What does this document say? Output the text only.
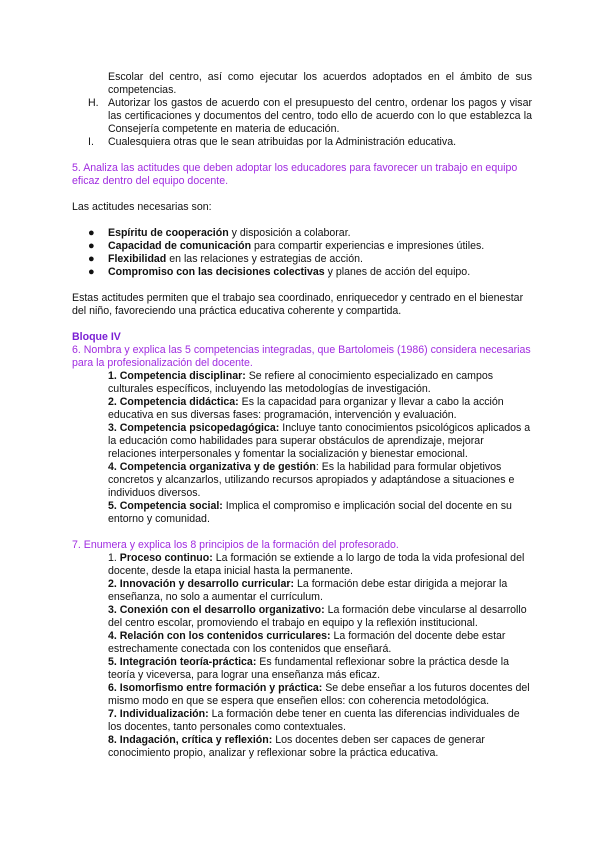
Escolar del centro, así como ejecutar los acuerdos adoptados en el ámbito de sus competencias.

H. Autorizar los gastos de acuerdo con el presupuesto del centro, ordenar los pagos y visar las certificaciones y documentos del centro, todo ello de acuerdo con lo que establezca la Consejería competente en materia de educación.
I. Cualesquiera otras que le sean atribuidas por la Administración educativa.

5. Analiza las actitudes que deben adoptar los educadores para favorecer un trabajo en equipo eficaz dentro del equipo docente.

Las actitudes necesarias son:

● Espíritu de cooperación y disposición a colaborar.
● Capacidad de comunicación para compartir experiencias e impresiones útiles.
● Flexibilidad en las relaciones y estrategias de acción.
● Compromiso con las decisiones colectivas y planes de acción del equipo.

Estas actitudes permiten que el trabajo sea coordinado, enriquecedor y centrado en el bienestar del niño, favoreciendo una práctica educativa coherente y compartida.

Bloque IV

6. Nombra y explica las 5 competencias integradas, que Bartolomeis (1986) considera necesarias para la profesionalización del docente.

1. Competencia disciplinar: Se refiere al conocimiento especializado en campos culturales específicos, incluyendo las metodologías de investigación.

2. Competencia didáctica: Es la capacidad para organizar y llevar a cabo la acción educativa en sus diversas fases: programación, intervención y evaluación.

3. Competencia psicopedagógica: Incluye tanto conocimientos psicológicos aplicados a la educación como habilidades para superar obstáculos de aprendizaje, mejorar relaciones interpersonales y fomentar la socialización y bienestar emocional.

4. Competencia organizativa y de gestión: Es la habilidad para formular objetivos concretos y alcanzarlos, utilizando recursos apropiados y adaptándose a situaciones e individuos diversos.

5. Competencia social: Implica el compromiso e implicación social del docente en su entorno y comunidad.

7. Enumera y explica los 8 principios de la formación del profesorado.

1. Proceso continuo: La formación se extiende a lo largo de toda la vida profesional del docente, desde la etapa inicial hasta la permanente.

2. Innovación y desarrollo curricular: La formación debe estar dirigida a mejorar la enseñanza, no solo a aumentar el currículum.

3. Conexión con el desarrollo organizativo: La formación debe vincularse al desarrollo del centro escolar, promoviendo el trabajo en equipo y la reflexión institucional.

4. Relación con los contenidos curriculares: La formación del docente debe estar estrechamente conectada con los contenidos que enseñará.

5. Integración teoría-práctica: Es fundamental reflexionar sobre la práctica desde la teoría y viceversa, para lograr una enseñanza más eficaz.

6. Isomorfismo entre formación y práctica: Se debe enseñar a los futuros docentes del mismo modo en que se espera que enseñen ellos: con coherencia metodológica.

7. Individualización: La formación debe tener en cuenta las diferencias individuales de los docentes, tanto personales como contextuales.

8. Indagación, crítica y reflexión: Los docentes deben ser capaces de generar conocimiento propio, analizar y reflexionar sobre la práctica educativa.
